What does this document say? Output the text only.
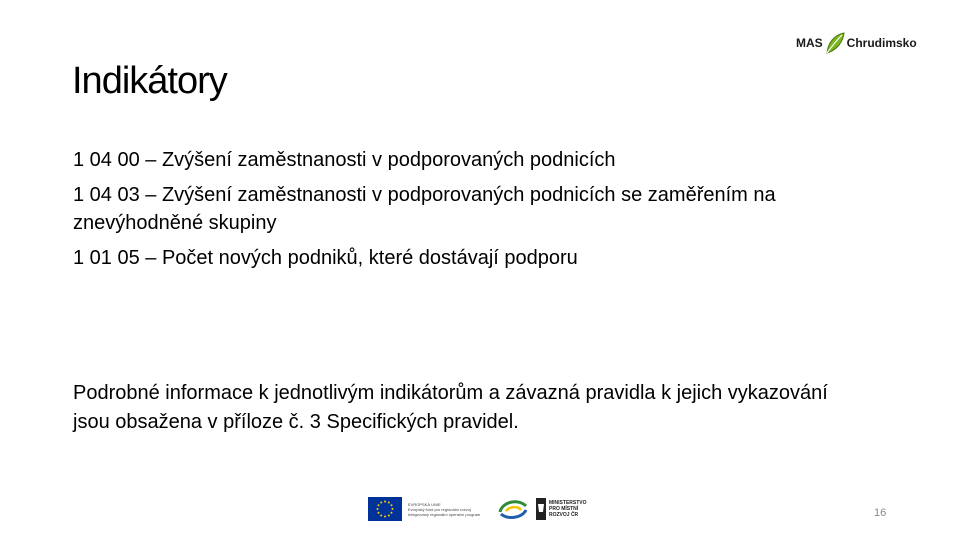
MAS Chrudimsko
Indikátory
1 04 00 – Zvýšení zaměstnanosti v podporovaných podnicích
1 04 03 – Zvýšení zaměstnanosti v podporovaných podnicích se zaměřením na znevýhodněné skupiny
1 01 05 – Počet nových podniků, které dostávají podporu

Podrobné informace k jednotlivým indikátorům a závazná pravidla k jejich vykazování jsou obsažena v příloze č. 3 Specifických pravidel.

EVROPSKÁ UNIE
Evropský fond pro regionální rozvoj
Integrovaný regionální operační program
MINISTERSTVO
PRO MÍSTNÍ
ROZVOJ ČR	16
